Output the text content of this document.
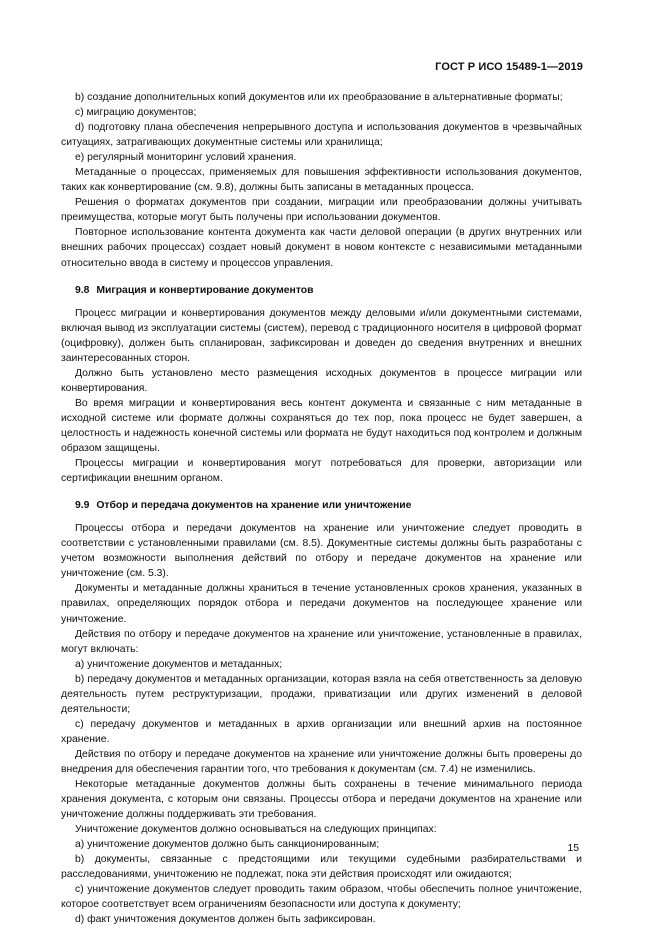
ГОСТ Р ИСО 15489-1—2019

b) создание дополнительных копий документов или их преобразование в альтернативные форматы;

c) миграцию документов;

d) подготовку плана обеспечения непрерывного доступа и использования документов в чрезвычайных ситуациях, затрагивающих документные системы или хранилища;

e) регулярный мониторинг условий хранения.

Метаданные о процессах, применяемых для повышения эффективности использования документов, таких как конвертирование (см. 9.8), должны быть записаны в метаданных процесса.

Решения о форматах документов при создании, миграции или преобразовании должны учитывать преимущества, которые могут быть получены при использовании документов.

Повторное использование контента документа как части деловой операции (в других внутренних или внешних рабочих процессах) создает новый документ в новом контексте с независимыми метаданными относительно ввода в систему и процессов управления.

9.8 Миграция и конвертирование документов

Процесс миграции и конвертирования документов между деловыми и/или документными системами, включая вывод из эксплуатации системы (систем), перевод с традиционного носителя в цифровой формат (оцифровку), должен быть спланирован, зафиксирован и доведен до сведения внутренних и внешних заинтересованных сторон.

Должно быть установлено место размещения исходных документов в процессе миграции или конвертирования.

Во время миграции и конвертирования весь контент документа и связанные с ним метаданные в исходной системе или формате должны сохраняться до тех пор, пока процесс не будет завершен, а целостность и надежность конечной системы или формата не будут находиться под контролем и должным образом защищены.

Процессы миграции и конвертирования могут потребоваться для проверки, авторизации или сертификации внешним органом.

9.9 Отбор и передача документов на хранение или уничтожение

Процессы отбора и передачи документов на хранение или уничтожение следует проводить в соответствии с установленными правилами (см. 8.5). Документные системы должны быть разработаны с учетом возможности выполнения действий по отбору и передаче документов на хранение или уничтожение (см. 5.3).

Документы и метаданные должны храниться в течение установленных сроков хранения, указанных в правилах, определяющих порядок отбора и передачи документов на последующее хранение или уничтожение.

Действия по отбору и передаче документов на хранение или уничтожение, установленные в правилах, могут включать:

a) уничтожение документов и метаданных;

b) передачу документов и метаданных организации, которая взяла на себя ответственность за деловую деятельность путем реструктуризации, продажи, приватизации или других изменений в деловой деятельности;

c) передачу документов и метаданных в архив организации или внешний архив на постоянное хранение.

Действия по отбору и передаче документов на хранение или уничтожение должны быть проверены до внедрения для обеспечения гарантии того, что требования к документам (см. 7.4) не изменились.

Некоторые метаданные документов должны быть сохранены в течение минимального периода хранения документа, с которым они связаны. Процессы отбора и передачи документов на хранение или уничтожение должны поддерживать эти требования.

Уничтожение документов должно основываться на следующих принципах:

a) уничтожение документов должно быть санкционированным;

b) документы, связанные с предстоящими или текущими судебными разбирательствами и расследованиями, уничтожению не подлежат, пока эти действия происходят или ожидаются;

c) уничтожение документов следует проводить таким образом, чтобы обеспечить полное уничтожение, которое соответствует всем ограничениям безопасности или доступа к документу;

d) факт уничтожения документов должен быть зафиксирован.

15
